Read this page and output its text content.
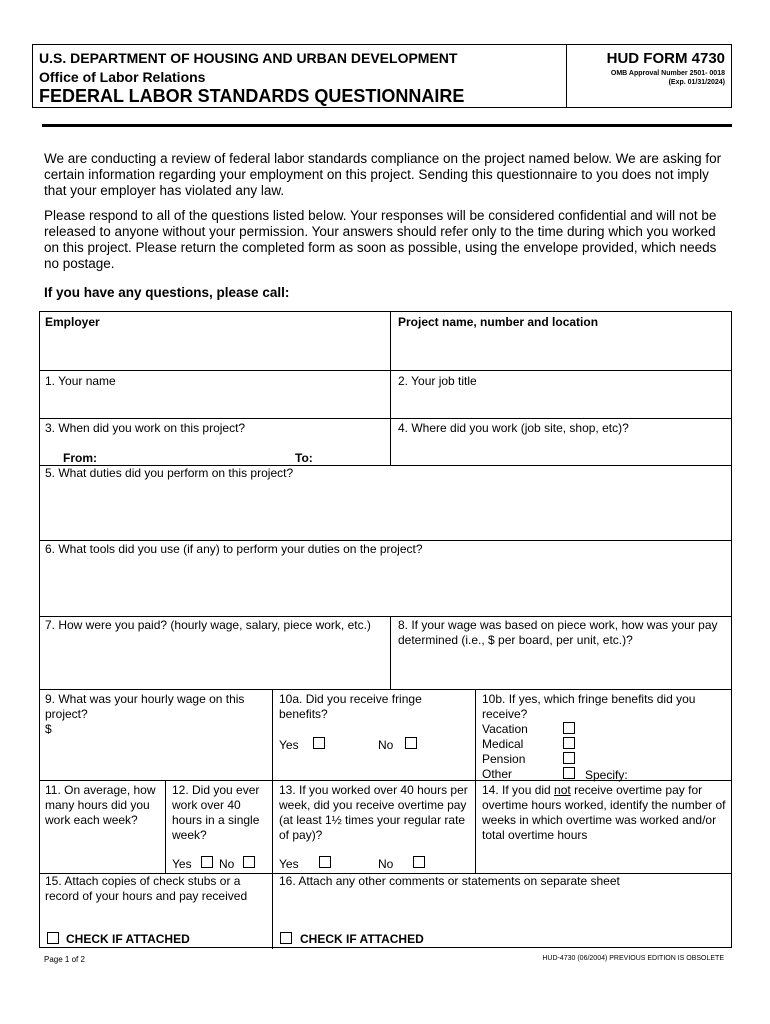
U.S. DEPARTMENT OF HOUSING AND URBAN DEVELOPMENT
Office of Labor Relations
FEDERAL LABOR STANDARDS QUESTIONNAIRE
HUD FORM 4730
OMB Approval Number 2501- 0018
(Exp. 01/31/2024)
We are conducting a review of federal labor standards compliance on the project named below. We are asking for certain information regarding your employment on this project. Sending this questionnaire to you does not imply that your employer has violated any law.
Please respond to all of the questions listed below. Your responses will be considered confidential and will not be released to anyone without your permission. Your answers should refer only to the time during which you worked on this project. Please return the completed form as soon as possible, using the envelope provided, which needs no postage.
If you have any questions, please call:
Employer	Project name, number and location
1. Your name	2. Your job title
3. When did you work on this project?
From:	To:
4. Where did you work (job site, shop, etc)?
5. What duties did you perform on this project?
6. What tools did you use (if any) to perform your duties on the project?
7. How were you paid? (hourly wage, salary, piece work, etc.)	8. If your wage was based on piece work, how was your pay determined (i.e., $ per board, per unit, etc.)?
9. What was your hourly wage on this project?
$
10a. Did you receive fringe benefits?
Yes	No
10b. If yes, which fringe benefits did you receive?
Vacation
Medical
Pension
Other	Specify:
11. On average, how many hours did you work each week?
12. Did you ever work over 40 hours in a single week?
Yes No
13. If you worked over 40 hours per week, did you receive overtime pay (at least 1½ times your regular rate of pay)?
Yes	No
14. If you did not receive overtime pay for overtime hours worked, identify the number of weeks in which overtime was worked and/or total overtime hours
15. Attach copies of check stubs or a record of your hours and pay received
CHECK IF ATTACHED
16. Attach any other comments or statements on separate sheet
CHECK IF ATTACHED
Page 1 of 2	HUD-4730 (06/2004) PREVIOUS EDITION IS OBSOLETE
